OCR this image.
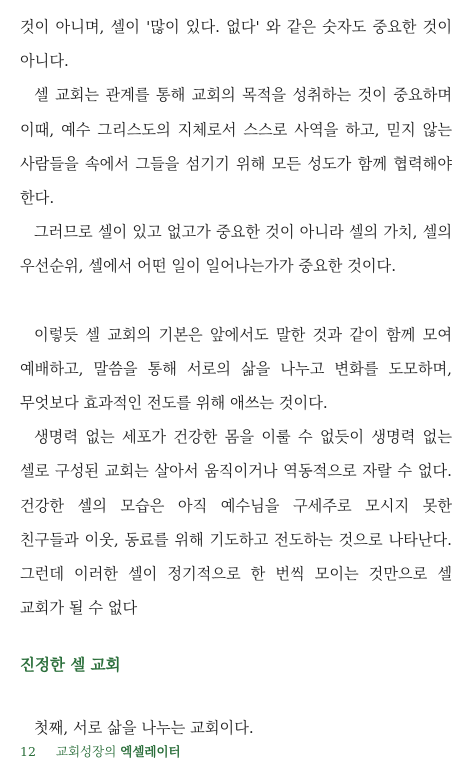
것이 아니며, 셀이 '많이 있다. 없다' 와 같은 숫자도 중요한 것이 아니다.

셀 교회는 관계를 통해 교회의 목적을 성취하는 것이 중요하며 이때, 예수 그리스도의 지체로서 스스로 사역을 하고, 믿지 않는 사람들을 속에서 그들을 섬기기 위해 모든 성도가 함께 협력해야 한다.

그러므로 셀이 있고 없고가 중요한 것이 아니라 셀의 가치, 셀의 우선순위, 셀에서 어떤 일이 일어나는가가 중요한 것이다.

이렇듯 셀 교회의 기본은 앞에서도 말한 것과 같이 함께 모여 예배하고, 말씀을 통해 서로의 삶을 나누고 변화를 도모하며, 무엇보다 효과적인 전도를 위해 애쓰는 것이다.

생명력 없는 세포가 건강한 몸을 이룰 수 없듯이 생명력 없는 셀로 구성된 교회는 살아서 움직이거나 역동적으로 자랄 수 없다. 건강한 셀의 모습은 아직 예수님을 구세주로 모시지 못한 친구들과 이웃, 동료를 위해 기도하고 전도하는 것으로 나타난다. 그런데 이러한 셀이 정기적으로 한 번씩 모이는 것만으로 셀 교회가 될 수 없다

진정한 셀 교회

첫째, 서로 삶을 나누는 교회이다.

12 교회성장의 엑셀레이터
